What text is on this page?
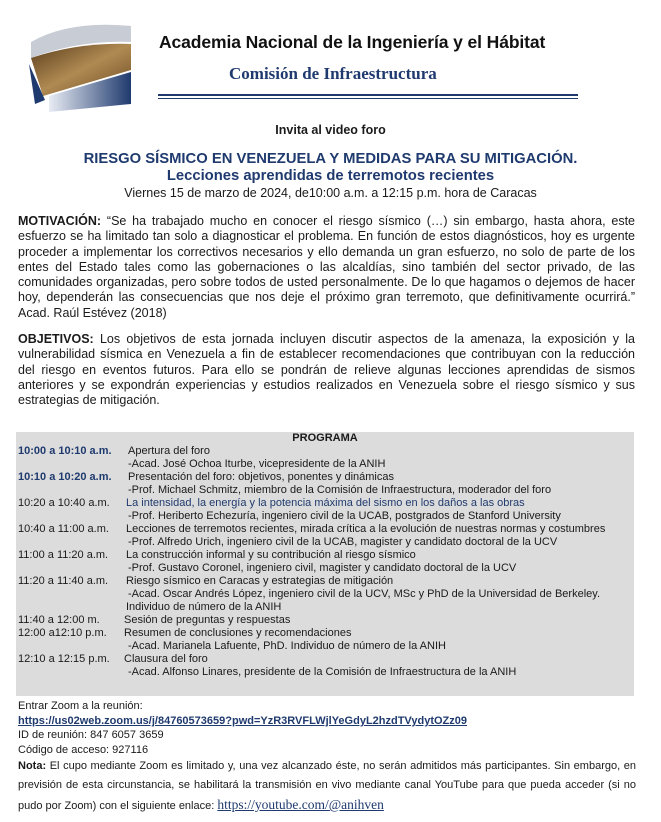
Academia Nacional de la Ingeniería y el Hábitat
Comisión de Infraestructura
Invita al video foro
RIESGO SÍSMICO EN VENEZUELA Y MEDIDAS PARA SU MITIGACIÓN.
Lecciones aprendidas de terremotos recientes
Viernes 15 de marzo de 2024, de10:00 a.m. a 12:15 p.m. hora de Caracas
MOTIVACIÓN: “Se ha trabajado mucho en conocer el riesgo sísmico (…) sin embargo, hasta ahora, este esfuerzo se ha limitado tan solo a diagnosticar el problema. En función de estos diagnósticos, hoy es urgente proceder a implementar los correctivos necesarios y ello demanda un gran esfuerzo, no solo de parte de los entes del Estado tales como las gobernaciones o las alcaldías, sino también del sector privado, de las comunidades organizadas, pero sobre todos de usted personalmente. De lo que hagamos o dejemos de hacer hoy, dependerán las consecuencias que nos deje el próximo gran terremoto, que definitivamente ocurrirá.” Acad. Raúl Estévez (2018)
OBJETIVOS: Los objetivos de esta jornada incluyen discutir aspectos de la amenaza, la exposición y la vulnerabilidad sísmica en Venezuela a fin de establecer recomendaciones que contribuyan con la reducción del riesgo en eventos futuros. Para ello se pondrán de relieve algunas lecciones aprendidas de sismos anteriores y se expondrán experiencias y estudios realizados en Venezuela sobre el riesgo sísmico y sus estrategias de mitigación.
PROGRAMA
10:00 a 10:10 a.m. Apertura del foro
-Acad. José Ochoa Iturbe, vicepresidente de la ANIH
10:10 a 10:20 a.m. Presentación del foro: objetivos, ponentes y dinámicas
-Prof. Michael Schmitz, miembro de la Comisión de Infraestructura, moderador del foro
10:20 a 10:40 a.m. La intensidad, la energía y la potencia máxima del sismo en los daños a las obras
-Prof. Heriberto Echezuría, ingeniero civil de la UCAB, postgrados de Stanford University
10:40 a 11:00 a.m. Lecciones de terremotos recientes, mirada crítica a la evolución de nuestras normas y costumbres
-Prof. Alfredo Urich, ingeniero civil de la UCAB, magister y candidato doctoral de la UCV
11:00 a 11:20 a.m. La construcción informal y su contribución al riesgo sísmico
-Prof. Gustavo Coronel, ingeniero civil, magister y candidato doctoral de la UCV
11:20 a 11:40 a.m. Riesgo sísmico en Caracas y estrategias de mitigación
-Acad. Oscar Andrés López, ingeniero civil de la UCV, MSc y PhD de la Universidad de Berkeley.
Individuo de número de la ANIH
11:40 a 12:00 m. Sesión de preguntas y respuestas
12:00 a12:10 p.m. Resumen de conclusiones y recomendaciones
-Acad. Marianela Lafuente, PhD. Individuo de número de la ANIH
12:10 a 12:15 p.m. Clausura del foro
-Acad. Alfonso Linares, presidente de la Comisión de Infraestructura de la ANIH
Entrar Zoom a la reunión:
https://us02web.zoom.us/j/84760573659?pwd=YzR3RVFLWjlYeGdyL2hzdTVydytOZz09
ID de reunión: 847 6057 3659
Código de acceso: 927116
Nota: El cupo mediante Zoom es limitado y, una vez alcanzado éste, no serán admitidos más participantes. Sin embargo, en previsión de esta circunstancia, se habilitará la transmisión en vivo mediante canal YouTube para que pueda acceder (si no pudo por Zoom) con el siguiente enlace: https://youtube.com/@anihven
